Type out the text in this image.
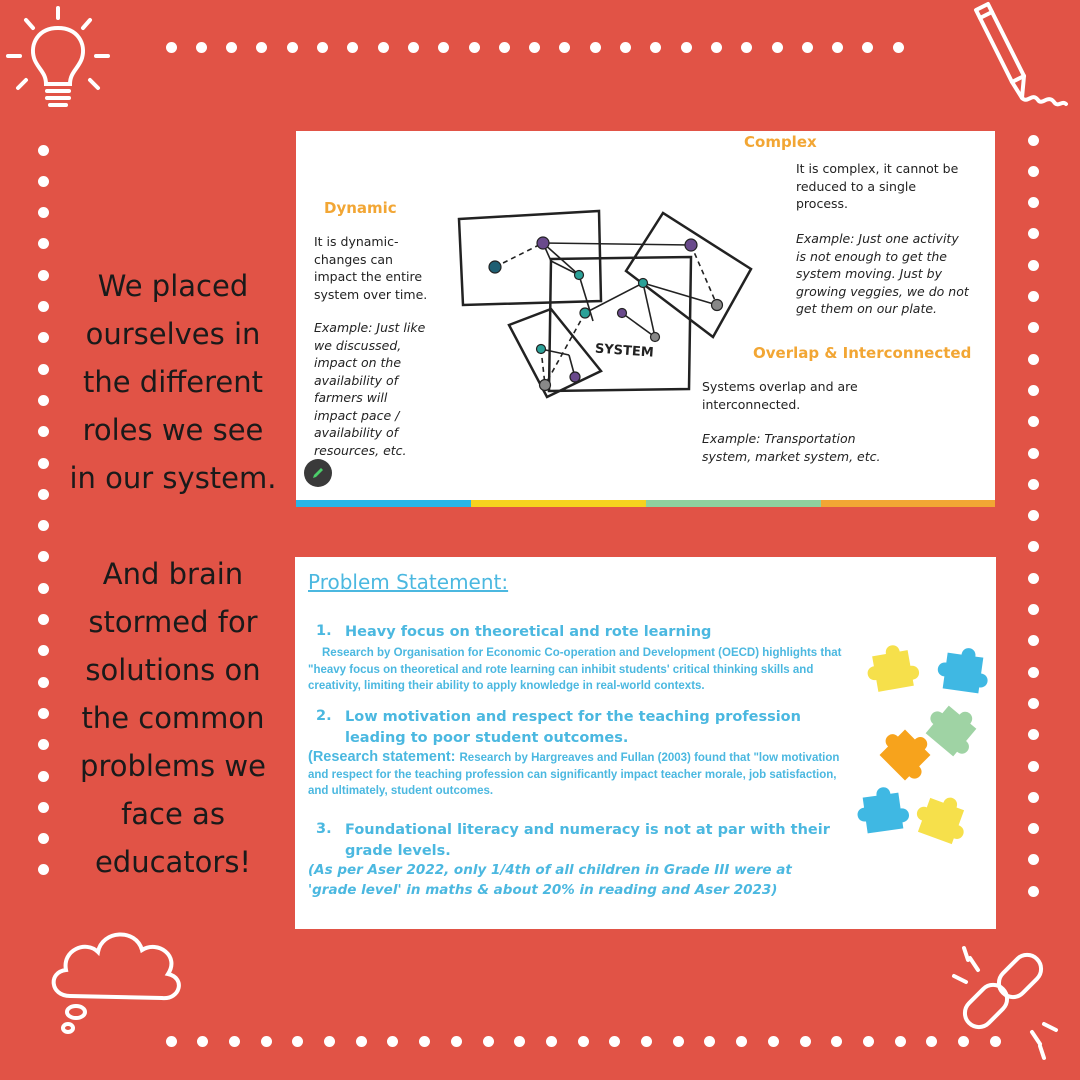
We placed
ourselves in
the different
roles we see
in our system.
And brain
stormed for
solutions on
the common
problems we
face as
educators!
Dynamic
It is dynamic-
changes can
impact the entire
system over time.
Example: Just like
we discussed,
impact on the
availability of
farmers will
impact pace /
availability of
resources, etc.
Complex
It is complex, it cannot be
reduced to a single
process.
Example: Just one activity
is not enough to get the
system moving. Just by
growing veggies, we do not
get them on our plate.
Overlap & Interconnected
Systems overlap and are
interconnected.
Example: Transportation
system, market system, etc.
SYSTEM
Problem Statement:
1. Heavy focus on theoretical and rote learning
Research by Organisation for Economic Co-operation and Development (OECD) highlights that "heavy focus on theoretical and rote learning can inhibit students' critical thinking skills and creativity, limiting their ability to apply knowledge in real-world contexts.
2. Low motivation and respect for the teaching profession
leading to poor student outcomes.
(Research statement: Research by Hargreaves and Fullan (2003) found that "low motivation and respect for the teaching profession can significantly impact teacher morale, job satisfaction, and ultimately, student outcomes.
3. Foundational literacy and numeracy is not at par with their
grade levels.
(As per Aser 2022, only 1/4th of all children in Grade III were at
'grade level' in maths & about 20% in reading and Aser 2023)
